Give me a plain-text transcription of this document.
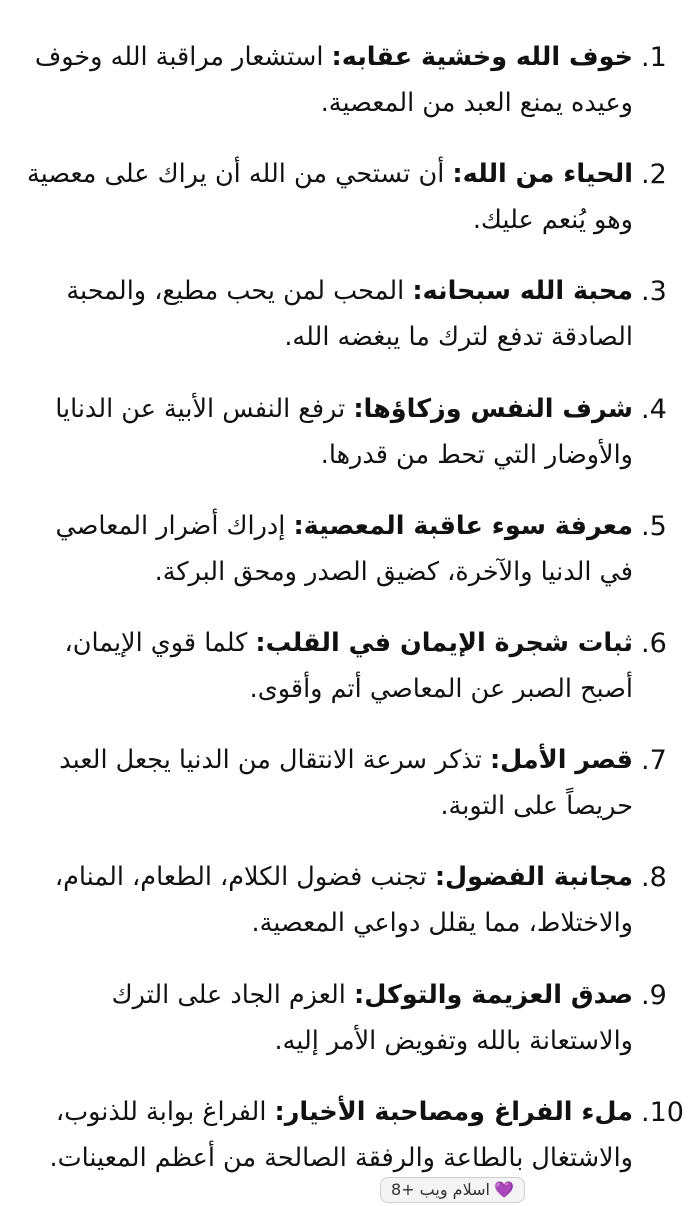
.1
خوف الله وخشية عقابه: استشعار مراقبة الله وخوف وعيده يمنع العبد من المعصية.
.2
الحياء من الله: أن تستحي من الله أن يراك على معصية وهو يُنعم عليك.
.3
محبة الله سبحانه: المحب لمن يحب مطيع، والمحبة الصادقة تدفع لترك ما يبغضه الله.
.4
شرف النفس وزكاؤها: ترفع النفس الأبية عن الدنايا والأوضار التي تحط من قدرها.
.5
معرفة سوء عاقبة المعصية: إدراك أضرار المعاصي في الدنيا والآخرة، كضيق الصدر ومحق البركة.
.6
ثبات شجرة الإيمان في القلب: كلما قوي الإيمان، أصبح الصبر عن المعاصي أتم وأقوى.
.7
قصر الأمل: تذكر سرعة الانتقال من الدنيا يجعل العبد حريصاً على التوبة.
.8
مجانبة الفضول: تجنب فضول الكلام، الطعام، المنام، والاختلاط، مما يقلل دواعي المعصية.
.9
صدق العزيمة والتوكل: العزم الجاد على الترك والاستعانة بالله وتفويض الأمر إليه.
.10
ملء الفراغ ومصاحبة الأخيار: الفراغ بوابة للذنوب، والاشتغال بالطاعة والرفقة الصالحة من أعظم المعينات.
💜اسلام ويب +8
